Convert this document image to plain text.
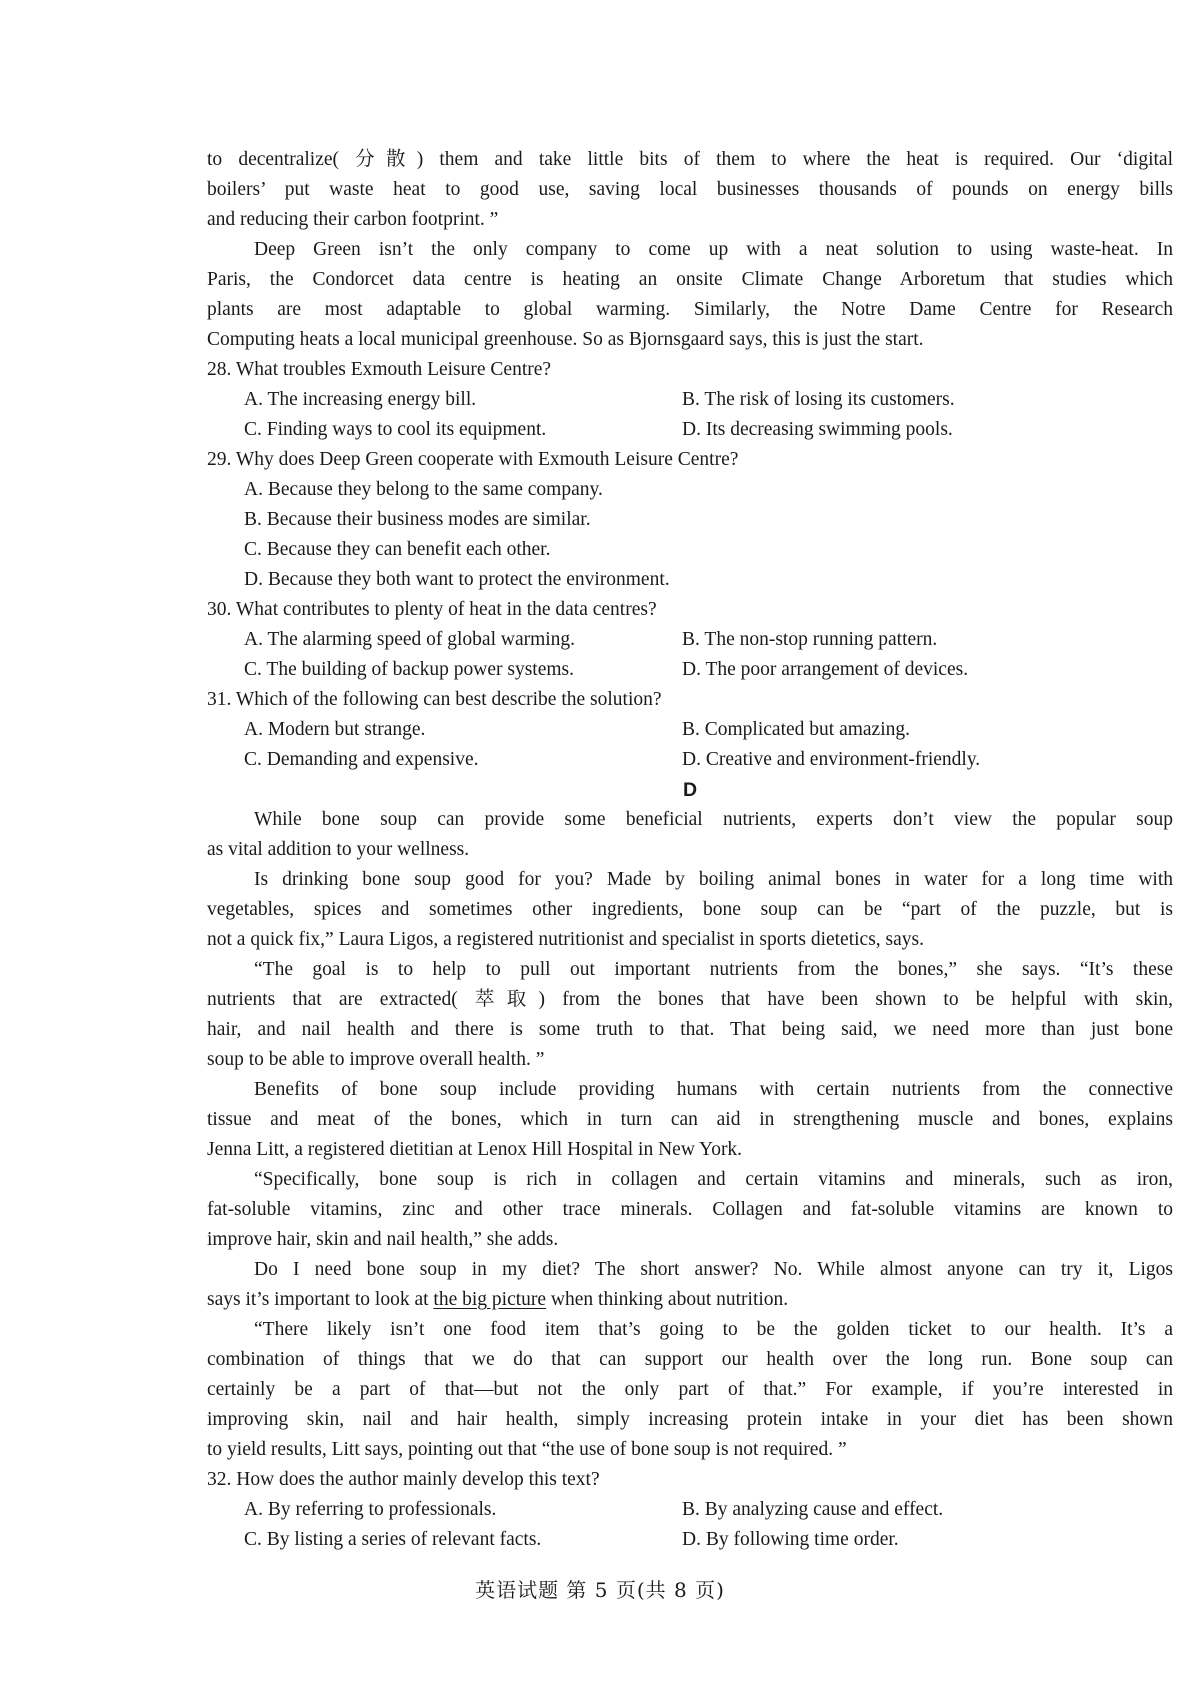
to decentralize( 分散) them and take little bits of them to where the heat is required. Our ‘digital
boilers’ put waste heat to good use, saving local businesses thousands of pounds on energy bills
and reducing their carbon footprint. ”
Deep Green isn’t the only company to come up with a neat solution to using waste-heat. In
Paris, the Condorcet data centre is heating an onsite Climate Change Arboretum that studies which
plants are most adaptable to global warming. Similarly, the Notre Dame Centre for Research
Computing heats a local municipal greenhouse. So as Bjornsgaard says, this is just the start.
28. What troubles Exmouth Leisure Centre?
A. The increasing energy bill.	B. The risk of losing its customers.
C. Finding ways to cool its equipment.	D. Its decreasing swimming pools.
29. Why does Deep Green cooperate with Exmouth Leisure Centre?
A. Because they belong to the same company.
B. Because their business modes are similar.
C. Because they can benefit each other.
D. Because they both want to protect the environment.
30. What contributes to plenty of heat in the data centres?
A. The alarming speed of global warming.	B. The non-stop running pattern.
C. The building of backup power systems.	D. The poor arrangement of devices.
31. Which of the following can best describe the solution?
A. Modern but strange.	B. Complicated but amazing.
C. Demanding and expensive.	D. Creative and environment-friendly.
D
While bone soup can provide some beneficial nutrients, experts don’t view the popular soup
as vital addition to your wellness.
Is drinking bone soup good for you? Made by boiling animal bones in water for a long time with
vegetables, spices and sometimes other ingredients, bone soup can be “part of the puzzle, but is
not a quick fix,” Laura Ligos, a registered nutritionist and specialist in sports dietetics, says.
“The goal is to help to pull out important nutrients from the bones,” she says. “It’s these
nutrients that are extracted( 萃取) from the bones that have been shown to be helpful with skin,
hair, and nail health and there is some truth to that. That being said, we need more than just bone
soup to be able to improve overall health. ”
Benefits of bone soup include providing humans with certain nutrients from the connective
tissue and meat of the bones, which in turn can aid in strengthening muscle and bones, explains
Jenna Litt, a registered dietitian at Lenox Hill Hospital in New York.
“Specifically, bone soup is rich in collagen and certain vitamins and minerals, such as iron,
fat-soluble vitamins, zinc and other trace minerals. Collagen and fat-soluble vitamins are known to
improve hair, skin and nail health,” she adds.
Do I need bone soup in my diet? The short answer? No. While almost anyone can try it, Ligos
says it’s important to look at the big picture when thinking about nutrition.
“There likely isn’t one food item that’s going to be the golden ticket to our health. It’s a
combination of things that we do that can support our health over the long run. Bone soup can
certainly be a part of that—but not the only part of that.” For example, if you’re interested in
improving skin, nail and hair health, simply increasing protein intake in your diet has been shown
to yield results, Litt says, pointing out that “the use of bone soup is not required. ”
32. How does the author mainly develop this text?
A. By referring to professionals.	B. By analyzing cause and effect.
C. By listing a series of relevant facts.	D. By following time order.
英语试题 第 5 页(共 8 页)
